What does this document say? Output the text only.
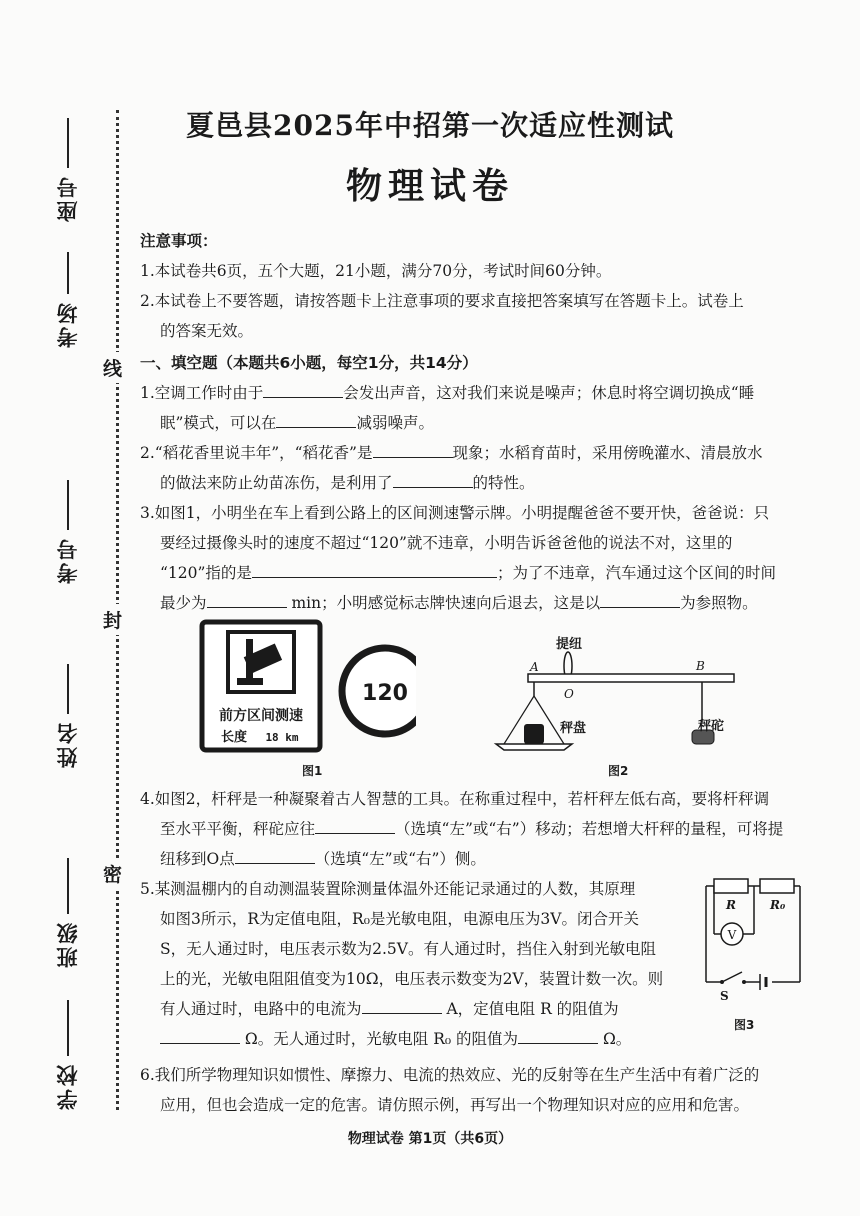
座号
考场
考号
姓名
班级
学校
线
封
密
夏邑县2025年中招第一次适应性测试
物理试卷
注意事项：
1.本试卷共6页，五个大题，21小题，满分70分，考试时间60分钟。
2.本试卷上不要答题，请按答题卡上注意事项的要求直接把答案填写在答题卡上。试卷上
的答案无效。
一、填空题（本题共6小题，每空1分，共14分）
1.空调工作时由于	会发出声音，这对我们来说是噪声；休息时将空调切换成“睡
眠”模式，可以在	减弱噪声。
2.“稻花香里说丰年”，“稻花香”是	现象；水稻育苗时，采用傍晚灌水、清晨放水
的做法来防止幼苗冻伤，是利用了	的特性。
3.如图1，小明坐在车上看到公路上的区间测速警示牌。小明提醒爸爸不要开快，爸爸说：只
要经过摄像头时的速度不超过“120”就不违章，小明告诉爸爸他的说法不对，这里的
“120”指的是	；为了不违章，汽车通过这个区间的时间
最少为	min；小明感觉标志牌快速向后退去，这是以	为参照物。
前方区间测速
长度 18 km
120
图1
提纽
A	B
O
秤盘	秤砣
图2
4.如图2，杆秤是一种凝聚着古人智慧的工具。在称重过程中，若杆秤左低右高，要将杆秤调
至水平平衡，秤砣应往	（选填“左”或“右”）移动；若想增大杆秤的量程，可将提
纽移到O点	（选填“左”或“右”）侧。
5.某测温棚内的自动测温装置除测量体温外还能记录通过的人数，其原理
如图3所示，R为定值电阻，R₀是光敏电阻，电源电压为3V。闭合开关
S，无人通过时，电压表示数为2.5V。有人通过时，挡住入射到光敏电阻
上的光，光敏电阻阻值变为10Ω，电压表示数变为2V，装置计数一次。则
有人通过时，电路中的电流为	A，定值电阻 R 的阻值为
Ω。无人通过时，光敏电阻 R₀ 的阻值为	Ω。
R	R₀
V
S
图3
6.我们所学物理知识如惯性、摩擦力、电流的热效应、光的反射等在生产生活中有着广泛的
应用，但也会造成一定的危害。请仿照示例，再写出一个物理知识对应的应用和危害。
物理试卷 第1页（共6页）
